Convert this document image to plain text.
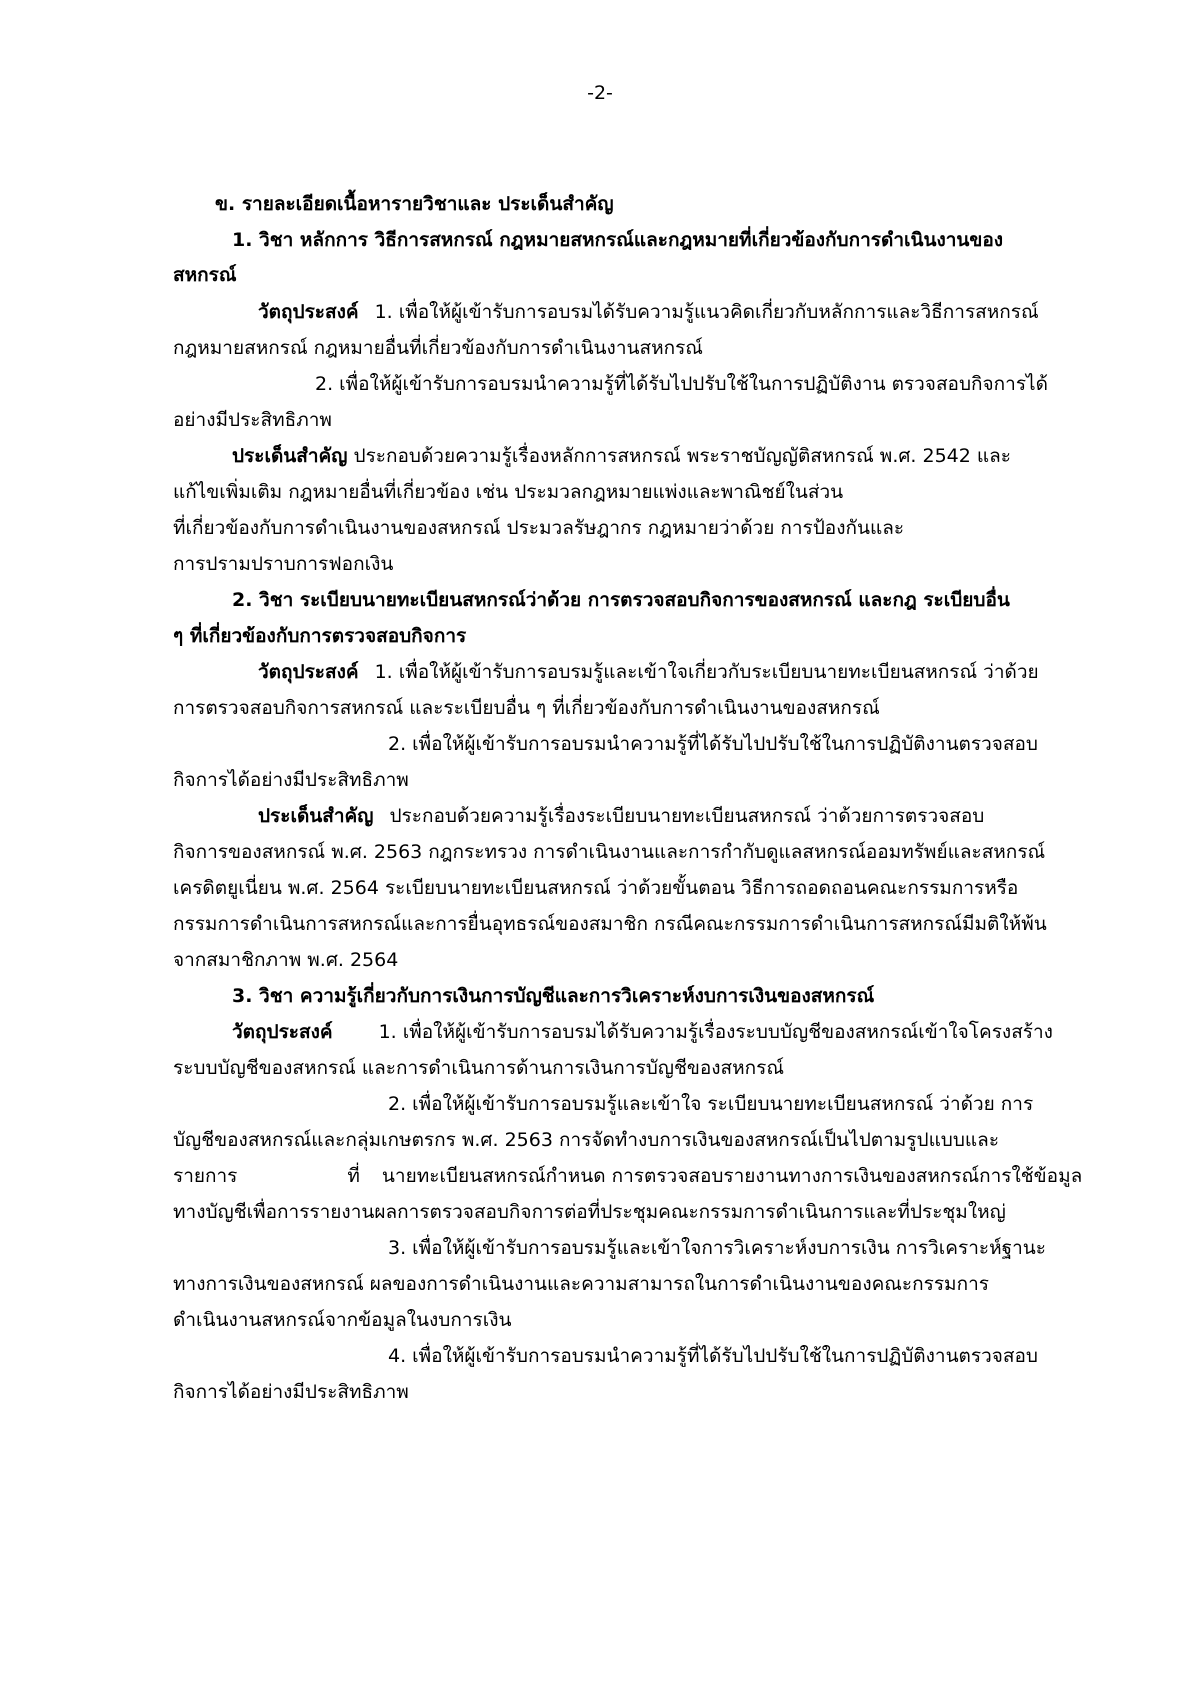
-2-
ข. รายละเอียดเนื้อหารายวิชาและ ประเด็นสำคัญ
1. วิชา หลักการ วิธีการสหกรณ์ กฎหมายสหกรณ์และกฎหมายที่เกี่ยวข้องกับการดำเนินงานของ
สหกรณ์
วัตถุประสงค์ 1. เพื่อให้ผู้เข้ารับการอบรมได้รับความรู้แนวคิดเกี่ยวกับหลักการและวิธีการสหกรณ์
กฎหมายสหกรณ์ กฎหมายอื่นที่เกี่ยวข้องกับการดำเนินงานสหกรณ์
2. เพื่อให้ผู้เข้ารับการอบรมนำความรู้ที่ได้รับไปปรับใช้ในการปฏิบัติงาน ตรวจสอบกิจการได้
อย่างมีประสิทธิภาพ
ประเด็นสำคัญ ประกอบด้วยความรู้เรื่องหลักการสหกรณ์ พระราชบัญญัติสหกรณ์ พ.ศ. 2542 และ
แก้ไขเพิ่มเติม กฎหมายอื่นที่เกี่ยวข้อง เช่น ประมวลกฎหมายแพ่งและพาณิชย์ในส่วน
ที่เกี่ยวข้องกับการดำเนินงานของสหกรณ์ ประมวลรัษฎากร กฎหมายว่าด้วย การป้องกันและ
การปรามปราบการฟอกเงิน
2. วิชา ระเบียบนายทะเบียนสหกรณ์ว่าด้วย การตรวจสอบกิจการของสหกรณ์ และกฎ ระเบียบอื่น
ๆ ที่เกี่ยวข้องกับการตรวจสอบกิจการ
วัตถุประสงค์ 1. เพื่อให้ผู้เข้ารับการอบรมรู้และเข้าใจเกี่ยวกับระเบียบนายทะเบียนสหกรณ์ ว่าด้วย
การตรวจสอบกิจการสหกรณ์ และระเบียบอื่น ๆ ที่เกี่ยวข้องกับการดำเนินงานของสหกรณ์
2. เพื่อให้ผู้เข้ารับการอบรมนำความรู้ที่ได้รับไปปรับใช้ในการปฏิบัติงานตรวจสอบ
กิจการได้อย่างมีประสิทธิภาพ
ประเด็นสำคัญ ประกอบด้วยความรู้เรื่องระเบียบนายทะเบียนสหกรณ์ ว่าด้วยการตรวจสอบ
กิจการของสหกรณ์ พ.ศ. 2563 กฎกระทรวง การดำเนินงานและการกำกับดูแลสหกรณ์ออมทรัพย์และสหกรณ์
เครดิตยูเนี่ยน พ.ศ. 2564 ระเบียบนายทะเบียนสหกรณ์ ว่าด้วยขั้นตอน วิธีการถอดถอนคณะกรรมการหรือ
กรรมการดำเนินการสหกรณ์และการยื่นอุทธรณ์ของสมาชิก กรณีคณะกรรมการดำเนินการสหกรณ์มีมติให้พ้น
จากสมาชิกภาพ พ.ศ. 2564
3. วิชา ความรู้เกี่ยวกับการเงินการบัญชีและการวิเคราะห์งบการเงินของสหกรณ์
วัตถุประสงค์ 1. เพื่อให้ผู้เข้ารับการอบรมได้รับความรู้เรื่องระบบบัญชีของสหกรณ์เข้าใจโครงสร้าง
ระบบบัญชีของสหกรณ์ และการดำเนินการด้านการเงินการบัญชีของสหกรณ์
2. เพื่อให้ผู้เข้ารับการอบรมรู้และเข้าใจ ระเบียบนายทะเบียนสหกรณ์ ว่าด้วย การ
บัญชีของสหกรณ์และกลุ่มเกษตรกร พ.ศ. 2563 การจัดทำงบการเงินของสหกรณ์เป็นไปตามรูปแบบและ
รายการ	ที่ นายทะเบียนสหกรณ์กำหนด การตรวจสอบรายงานทางการเงินของสหกรณ์การใช้ข้อมูล
ทางบัญชีเพื่อการรายงานผลการตรวจสอบกิจการต่อที่ประชุมคณะกรรมการดำเนินการและที่ประชุมใหญ่
3. เพื่อให้ผู้เข้ารับการอบรมรู้และเข้าใจการวิเคราะห์งบการเงิน การวิเคราะห์ฐานะ
ทางการเงินของสหกรณ์ ผลของการดำเนินงานและความสามารถในการดำเนินงานของคณะกรรมการ
ดำเนินงานสหกรณ์จากข้อมูลในงบการเงิน
4. เพื่อให้ผู้เข้ารับการอบรมนำความรู้ที่ได้รับไปปรับใช้ในการปฏิบัติงานตรวจสอบ
กิจการได้อย่างมีประสิทธิภาพ
